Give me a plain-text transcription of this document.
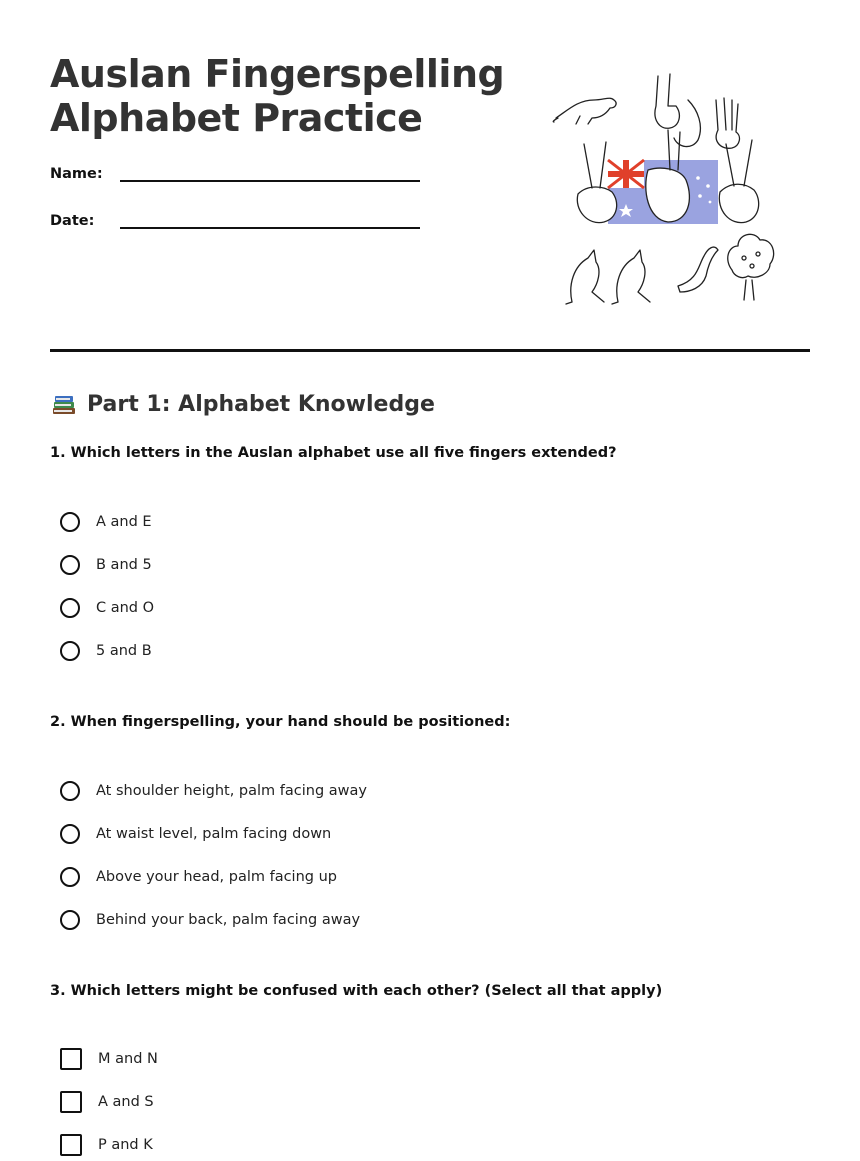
Auslan Fingerspelling Alphabet Practice
Name:
Date:
Part 1: Alphabet Knowledge
1. Which letters in the Auslan alphabet use all five fingers extended?
A and E
B and 5
C and O
5 and B
2. When fingerspelling, your hand should be positioned:
At shoulder height, palm facing away
At waist level, palm facing down
Above your head, palm facing up
Behind your back, palm facing away
3. Which letters might be confused with each other? (Select all that apply)
M and N
A and S
P and K
